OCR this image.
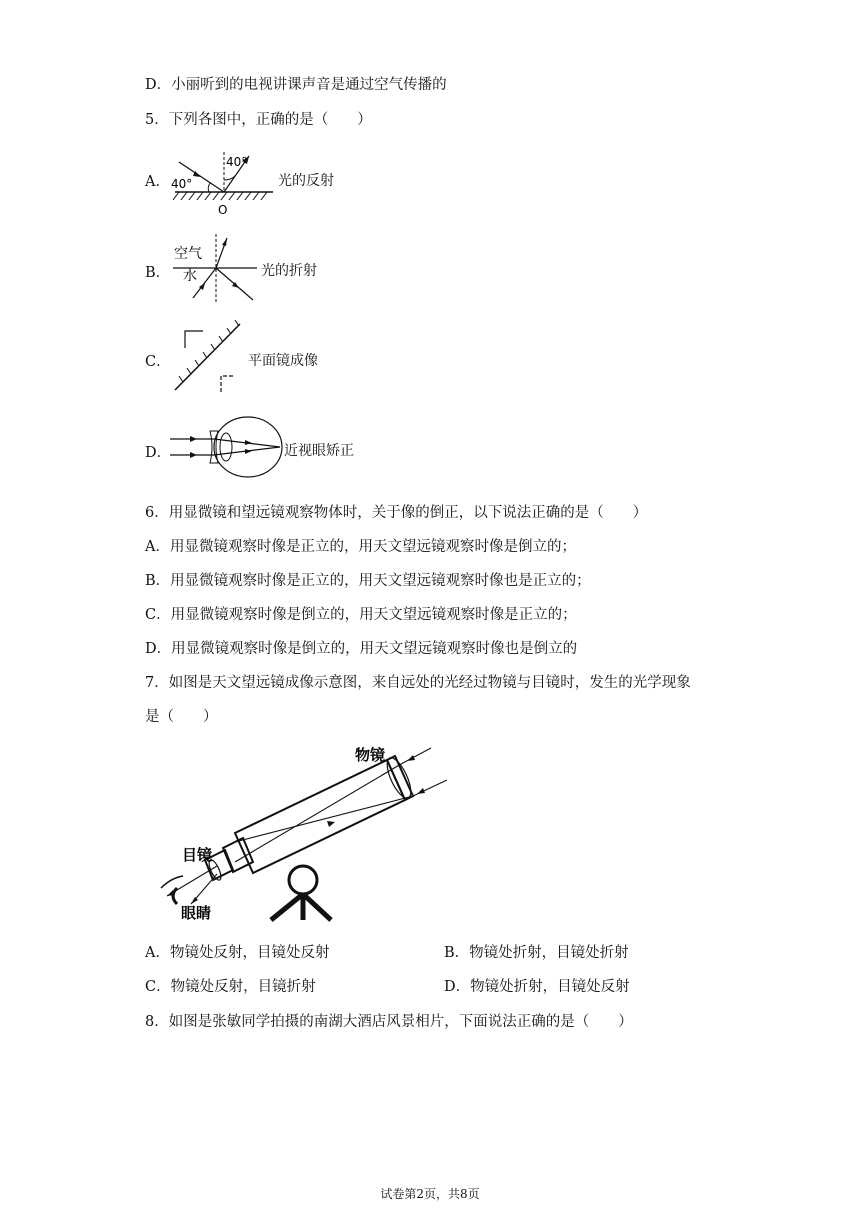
D．小丽听到的电视讲课声音是通过空气传播的
5．下列各图中，正确的是（　　）
A． 40°
40°
O
光的反射
B．
空气
水	光的折射
C．	平面镜成像
D．	近视眼矫正
6．用显微镜和望远镜观察物体时，关于像的倒正，以下说法正确的是（　　）
A．用显微镜观察时像是正立的，用天文望远镜观察时像是倒立的；
B．用显微镜观察时像是正立的，用天文望远镜观察时像也是正立的；
C．用显微镜观察时像是倒立的，用天文望远镜观察时像是正立的；
D．用显微镜观察时像是倒立的，用天文望远镜观察时像也是倒立的
7．如图是天文望远镜成像示意图，来自远处的光经过物镜与目镜时，发生的光学现象
是（　　）
物镜
目镜
眼睛
A．物镜处反射，目镜处反射	B．物镜处折射，目镜处折射
C．物镜处反射，目镜折射	D．物镜处折射，目镜处反射
8．如图是张敏同学拍摄的南湖大酒店风景相片，下面说法正确的是（　　）
试卷第2页，共8页
